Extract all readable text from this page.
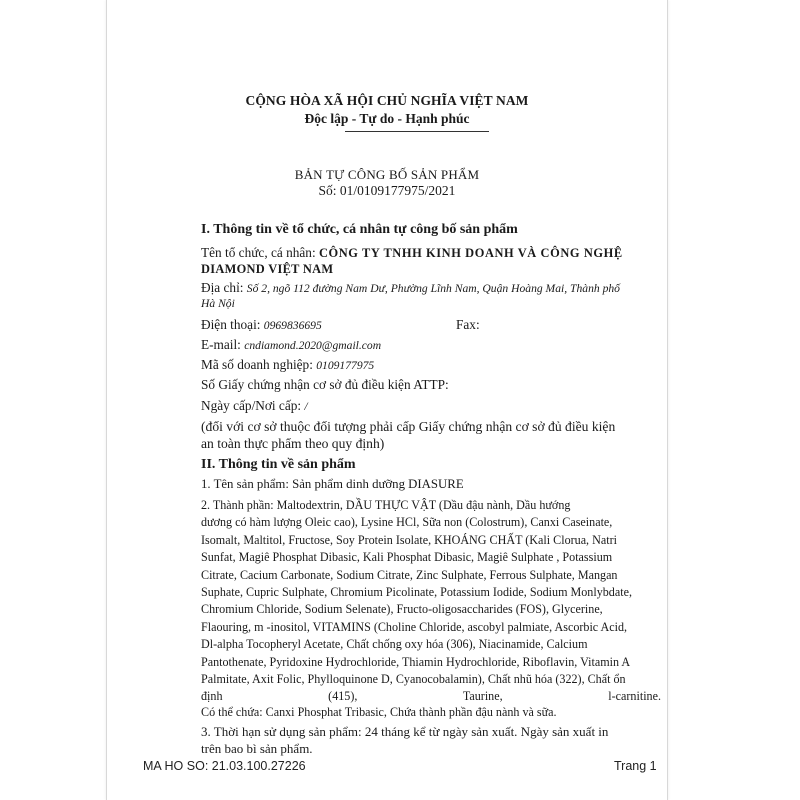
CỘNG HÒA XÃ HỘI CHỦ NGHĨA VIỆT NAM
Độc lập - Tự do - Hạnh phúc
BẢN TỰ CÔNG BỐ SẢN PHẨM
Số: 01/0109177975/2021
I. Thông tin về tổ chức, cá nhân tự công bố sản phẩm
Tên tổ chức, cá nhân: CÔNG TY TNHH KINH DOANH VÀ CÔNG NGHỆ
DIAMOND VIỆT NAM
Địa chỉ: Số 2, ngõ 112 đường Nam Dư, Phường Lĩnh Nam, Quận Hoàng Mai, Thành phố
Hà Nội
Điện thoại: 0969836695	Fax:
E-mail: cndiamond.2020@gmail.com
Mã số doanh nghiệp: 0109177975
Số Giấy chứng nhận cơ sở đủ điều kiện ATTP:
Ngày cấp/Nơi cấp: /
(đối với cơ sở thuộc đối tượng phải cấp Giấy chứng nhận cơ sở đủ điều kiện
an toàn thực phẩm theo quy định)
II. Thông tin về sản phẩm
1. Tên sản phẩm: Sản phẩm dinh dưỡng DIASURE
2. Thành phần: Maltodextrin, DẦU THỰC VẬT (Dầu đậu nành, Dầu hướng
dương có hàm lượng Oleic cao), Lysine HCl, Sữa non (Colostrum), Canxi Caseinate,
Isomalt, Maltitol, Fructose, Soy Protein Isolate, KHOÁNG CHẤT (Kali Clorua, Natri
Sunfat, Magiê Phosphat Dibasic, Kali Phosphat Dibasic, Magiê Sulphate , Potassium
Citrate, Cacium Carbonate, Sodium Citrate, Zinc Sulphate, Ferrous Sulphate, Mangan
Suphate, Cupric Sulphate, Chromium Picolinate, Potassium Iodide, Sodium Monlybdate,
Chromium Chloride, Sodium Selenate), Fructo-oligosaccharides (FOS), Glycerine,
Flaouring, m -inositol, VITAMINS (Choline Chloride, ascobyl palmiate, Ascorbic Acid,
Dl-alpha Tocopheryl Acetate, Chất chống oxy hóa (306), Niacinamide, Calcium
Pantothenate, Pyridoxine Hydrochloride, Thiamin Hydrochloride, Riboflavin, Vitamin A
Palmitate, Axit Folic, Phylloquinone D, Cyanocobalamin), Chất nhũ hóa (322), Chất ổn
định (415), Taurine, l-carnitine.
Có thể chứa: Canxi Phosphat Tribasic, Chứa thành phần đậu nành và sữa.
3. Thời hạn sử dụng sản phẩm: 24 tháng kể từ ngày sản xuất. Ngày sản xuất in
trên bao bì sản phẩm.
MA HO SO: 21.03.100.27226	Trang 1
